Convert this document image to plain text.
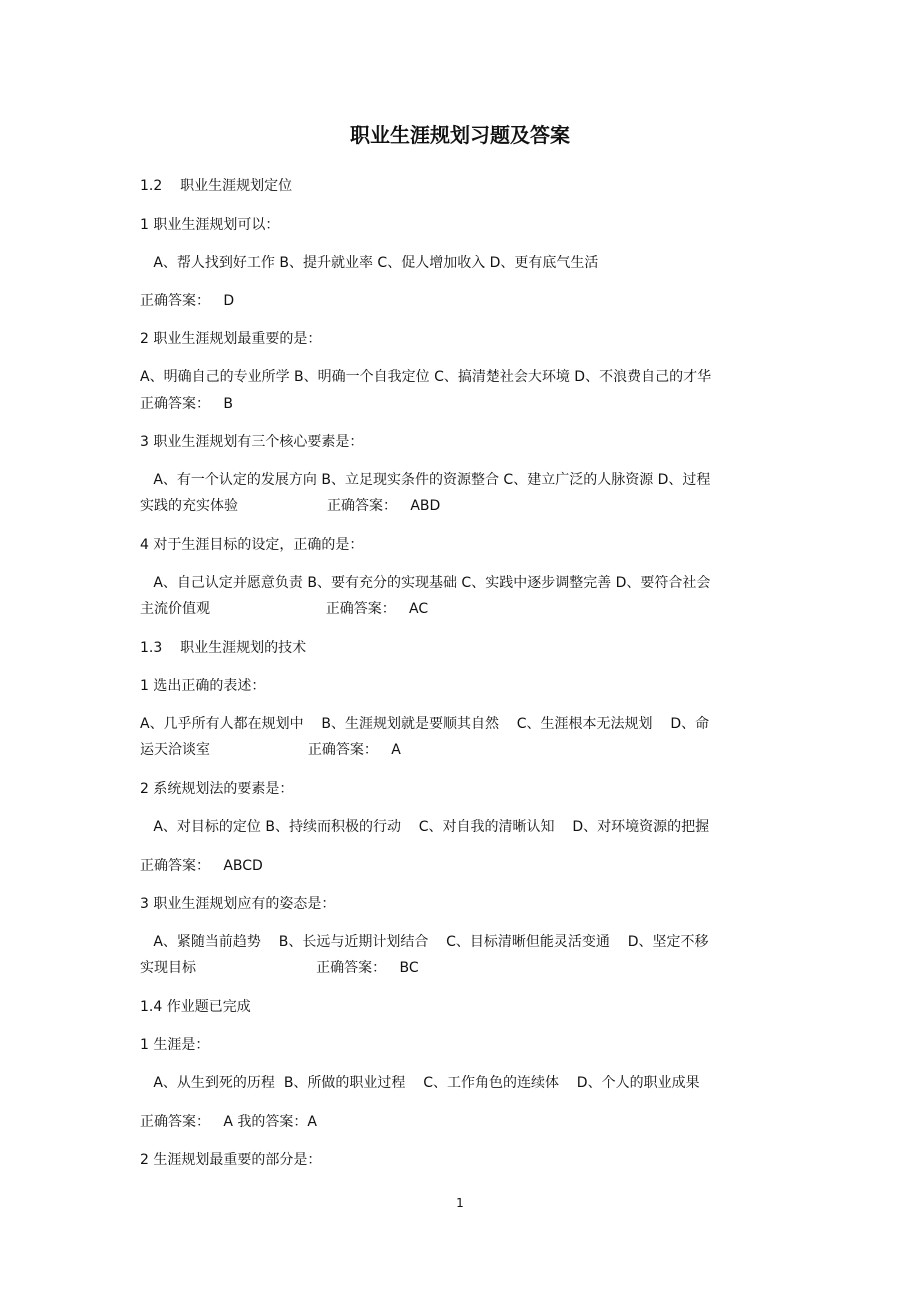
职业生涯规划习题及答案
1.2    职业生涯规划定位
1 职业生涯规划可以：
A、帮人找到好工作 B、提升就业率 C、促人增加收入 D、更有底气生活
正确答案：   D
2 职业生涯规划最重要的是：
A、明确自己的专业所学 B、明确一个自我定位 C、搞清楚社会大环境 D、不浪费自己的才华
正确答案：   B
3 职业生涯规划有三个核心要素是：
A、有一个认定的发展方向 B、立足现实条件的资源整合 C、建立广泛的人脉资源 D、过程
实践的充实体验                    正确答案：   ABD
4 对于生涯目标的设定，正确的是：
A、自己认定并愿意负责 B、要有充分的实现基础 C、实践中逐步调整完善 D、要符合社会
主流价值观                          正确答案：   AC
1.3    职业生涯规划的技术
1 选出正确的表述：
A、几乎所有人都在规划中    B、生涯规划就是要顺其自然    C、生涯根本无法规划    D、命
运天洽谈室                      正确答案：   A
2 系统规划法的要素是：
A、对目标的定位 B、持续而积极的行动    C、对自我的清晰认知    D、对环境资源的把握
正确答案：   ABCD
3 职业生涯规划应有的姿态是：
A、紧随当前趋势    B、长远与近期计划结合    C、目标清晰但能灵活变通    D、坚定不移
实现目标                           正确答案：   BC
1.4 作业题已完成
1 生涯是：
A、从生到死的历程  B、所做的职业过程    C、工作角色的连续体    D、个人的职业成果
正确答案：   A 我的答案：A
2 生涯规划最重要的部分是：
1
